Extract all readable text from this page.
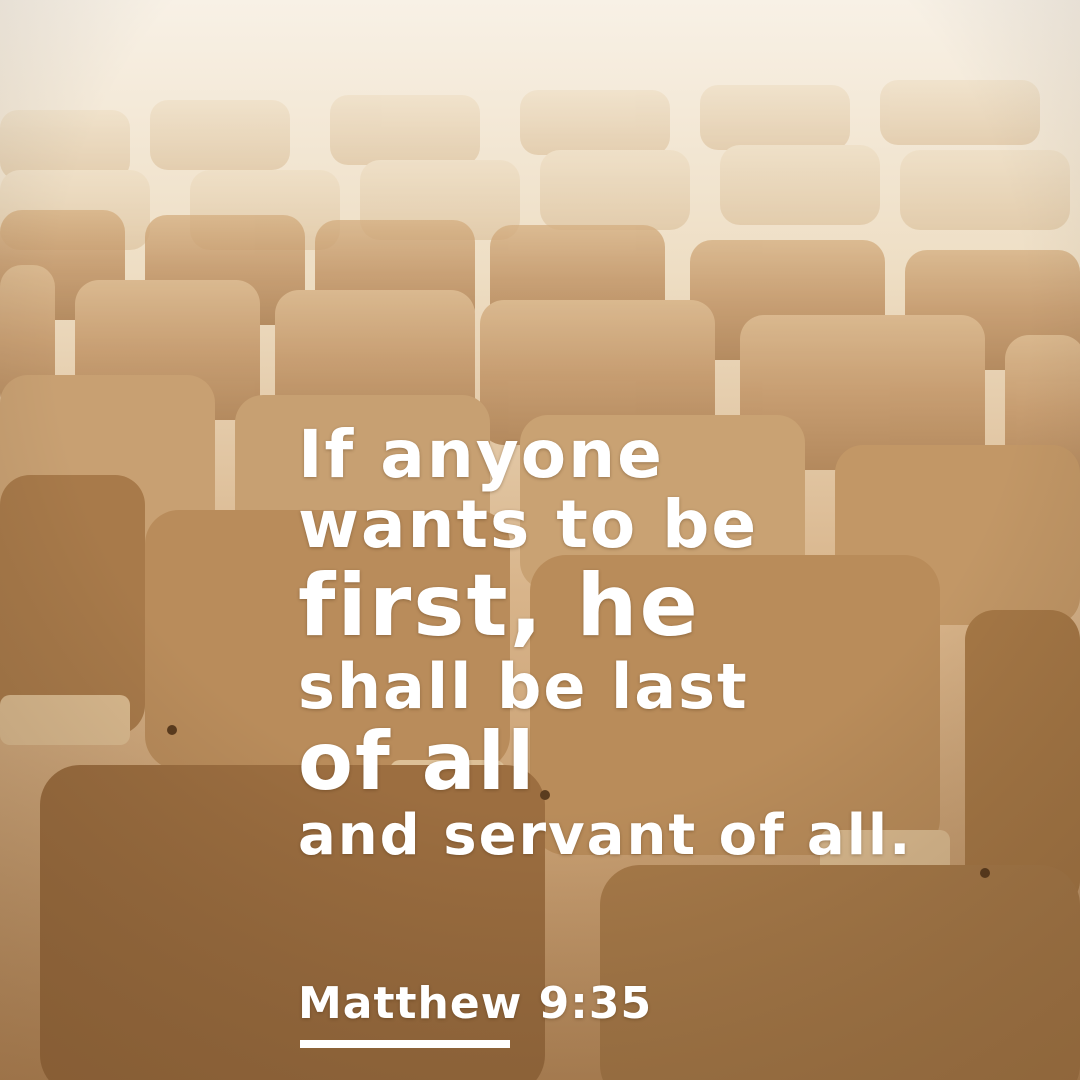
If anyone
wants to be
first, he
shall be last
of all
and servant of all.
Matthew 9:35
